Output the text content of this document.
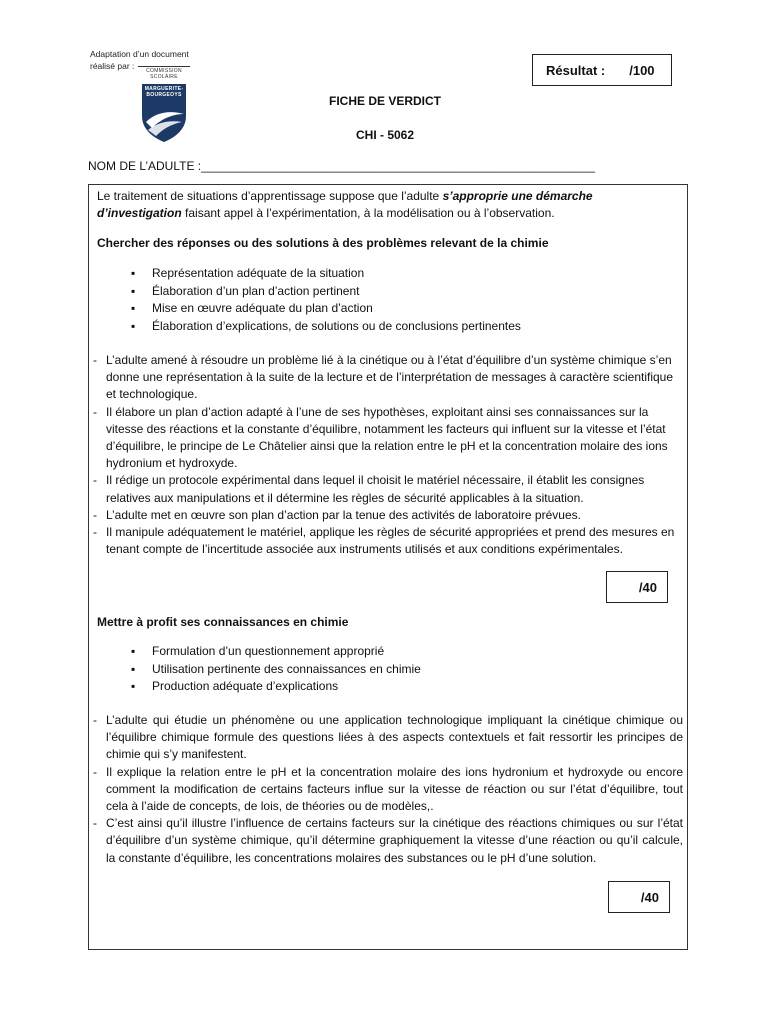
Adaptation d’un document
réalisé par :	COMMISSION SCOLAIRE
MARGUERITE-BOURGEOYS
Résultat : /100
FICHE DE VERDICT
CHI - 5062
NOM DE L’ADULTE :___________________________________________________________
Le traitement de situations d’apprentissage suppose que l’adulte s’approprie une démarche d’investigation faisant appel à l’expérimentation, à la modélisation ou à l’observation.
Chercher des réponses ou des solutions à des problèmes relevant de la chimie
▪ Représentation adéquate de la situation
▪ Élaboration d’un plan d’action pertinent
▪ Mise en œuvre adéquate du plan d’action
▪ Élaboration d’explications, de solutions ou de conclusions pertinentes
- L’adulte amené à résoudre un problème lié à la cinétique ou à l’état d’équilibre d’un système chimique s’en donne une représentation à la suite de la lecture et de l’interprétation de messages à caractère scientifique et technologique.
- Il élabore un plan d’action adapté à l’une de ses hypothèses, exploitant ainsi ses connaissances sur la vitesse des réactions et la constante d’équilibre, notamment les facteurs qui influent sur la vitesse et l’état d’équilibre, le principe de Le Châtelier ainsi que la relation entre le pH et la concentration molaire des ions hydronium et hydroxyde.
- Il rédige un protocole expérimental dans lequel il choisit le matériel nécessaire, il établit les consignes relatives aux manipulations et il détermine les règles de sécurité applicables à la situation.
- L’adulte met en œuvre son plan d’action par la tenue des activités de laboratoire prévues.
- Il manipule adéquatement le matériel, applique les règles de sécurité appropriées et prend des mesures en tenant compte de l’incertitude associée aux instruments utilisés et aux conditions expérimentales.
/40
Mettre à profit ses connaissances en chimie
▪ Formulation d’un questionnement approprié
▪ Utilisation pertinente des connaissances en chimie
▪ Production adéquate d’explications
- L’adulte qui étudie un phénomène ou une application technologique impliquant la cinétique chimique ou l’équilibre chimique formule des questions liées à des aspects contextuels et fait ressortir les principes de chimie qui s’y manifestent.
- Il explique la relation entre le pH et la concentration molaire des ions hydronium et hydroxyde ou encore comment la modification de certains facteurs influe sur la vitesse de réaction ou sur l’état d’équilibre, tout cela à l’aide de concepts, de lois, de théories ou de modèles,.
- C’est ainsi qu’il illustre l’influence de certains facteurs sur la cinétique des réactions chimiques ou sur l’état d’équilibre d’un système chimique, qu’il détermine graphiquement la vitesse d’une réaction ou qu’il calcule, la constante d’équilibre, les concentrations molaires des substances ou le pH d’une solution.
/40
